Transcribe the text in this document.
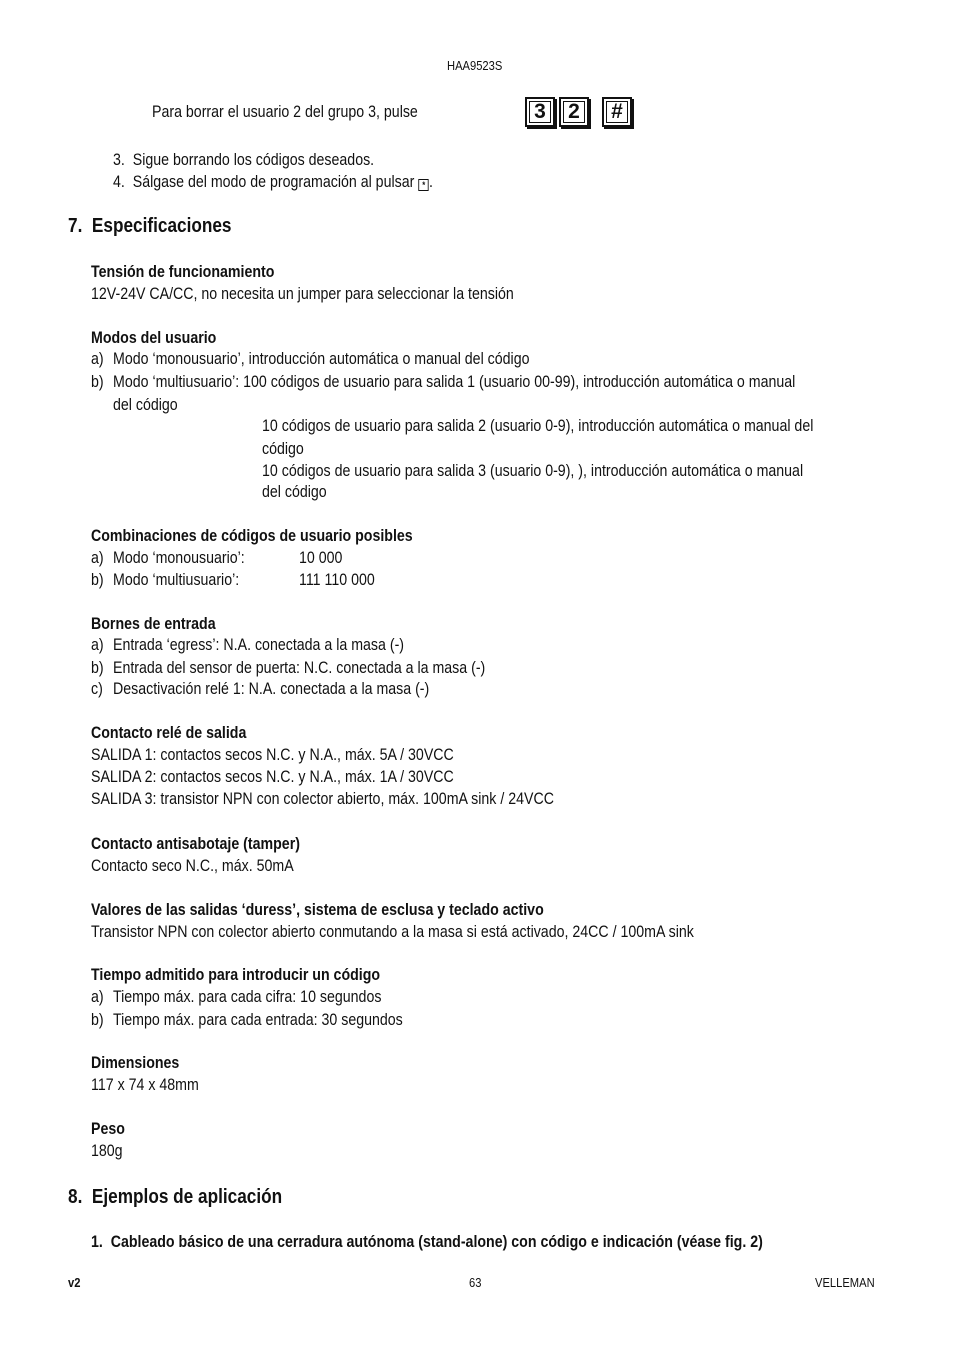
HAA9523S
Para borrar el usuario 2 del grupo 3, pulse	3	2	#
3. Sigue borrando los códigos deseados.
4. Sálgase del modo de programación al pulsar * .
7. Especificaciones
Tensión de funcionamiento
12V-24V CA/CC, no necesita un jumper para seleccionar la tensión
Modos del usuario
a) Modo ‘monousuario’, introducción automática o manual del código
b) Modo ‘multiusuario’: 100 códigos de usuario para salida 1 (usuario 00-99), introducción automática o manual
del código
10 códigos de usuario para salida 2 (usuario 0-9), introducción automática o manual del
código
10 códigos de usuario para salida 3 (usuario 0-9), ), introducción automática o manual
del código
Combinaciones de códigos de usuario posibles
a) Modo ‘monousuario’:	10 000
b) Modo ‘multiusuario’:	111 110 000
Bornes de entrada
a) Entrada ‘egress’: N.A. conectada a la masa (-)
b) Entrada del sensor de puerta: N.C. conectada a la masa (-)
c) Desactivación relé 1: N.A. conectada a la masa (-)
Contacto relé de salida
SALIDA 1: contactos secos N.C. y N.A., máx. 5A / 30VCC
SALIDA 2: contactos secos N.C. y N.A., máx. 1A / 30VCC
SALIDA 3: transistor NPN con colector abierto, máx. 100mA sink / 24VCC
Contacto antisabotaje (tamper)
Contacto seco N.C., máx. 50mA
Valores de las salidas ‘duress’, sistema de esclusa y teclado activo
Transistor NPN con colector abierto conmutando a la masa si está activado, 24CC / 100mA sink
Tiempo admitido para introducir un código
a) Tiempo máx. para cada cifra: 10 segundos
b) Tiempo máx. para cada entrada: 30 segundos
Dimensiones
117 x 74 x 48mm
Peso
180g
8. Ejemplos de aplicación
1. Cableado básico de una cerradura autónoma (stand-alone) con código e indicación (véase fig. 2)
v2	63	VELLEMAN
